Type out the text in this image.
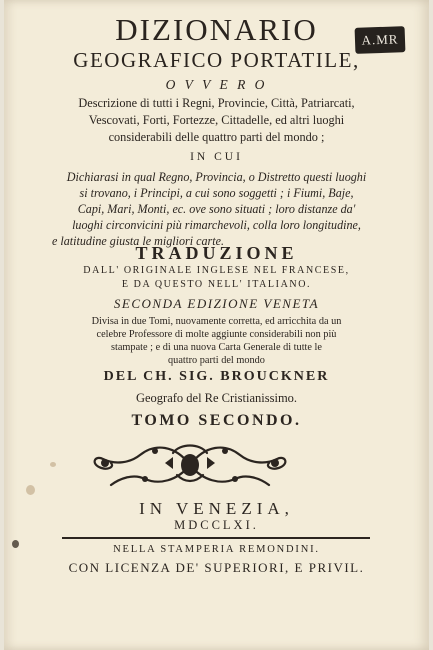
A.MR
DIZIONARIO
GEOGRAFICO PORTATILE,
O V V E R O
Descrizione di tutti i Regni, Provincie, Città, Patriarcati,
Vescovati, Forti, Fortezze, Cittadelle, ed altri luoghi
considerabili delle quattro parti del mondo ;
IN CUI
Dichiarasi in qual Regno, Provincia, o Distretto questi luoghi
si trovano, i Principi, a cui sono soggetti ; i Fiumi, Baje,
Capi, Mari, Monti, ec. ove sono situati ; loro distanze da'
luoghi circonvicini più rimarchevoli, colla loro longitudine,
e latitudine giusta le migliori carte.
TRADUZIONE
DALL' ORIGINALE INGLESE NEL FRANCESE,
E DA QUESTO NELL' ITALIANO.
SECONDA EDIZIONE VENETA
Divisa in due Tomi, nuovamente corretta, ed arricchita da un
celebre Professore di molte aggiunte considerabili non più
stampate ; e di una nuova Carta Generale di tutte le
quattro parti del mondo
DEL CH. SIG. BROUCKNER
Geografo del Re Cristianissimo.
TOMO SECONDO.
IN VENEZIA,
MDCCLXI.
NELLA STAMPERIA REMONDINI.
CON LICENZA DE' SUPERIORI, E PRIVIL.
